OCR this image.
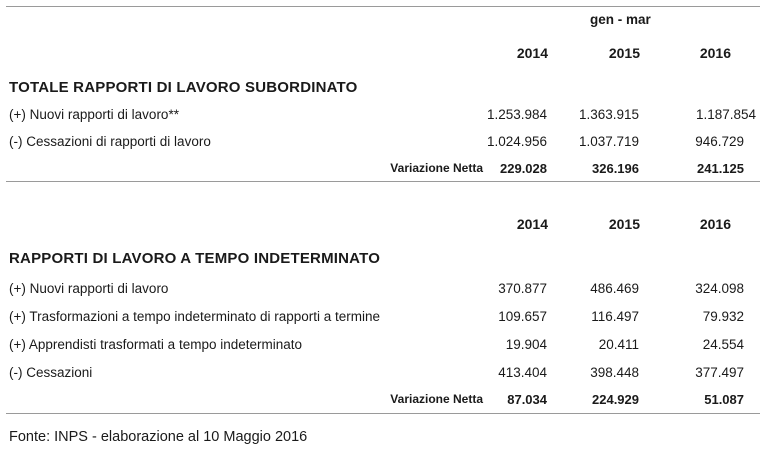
gen - mar
2014	2015	2016
TOTALE RAPPORTI DI LAVORO SUBORDINATO
(+) Nuovi rapporti di lavoro**	1.253.984	1.363.915	1.187.854
(-) Cessazioni di rapporti di lavoro	1.024.956	1.037.719	946.729
Variazione Netta	229.028	326.196	241.125
2014	2015	2016
RAPPORTI DI LAVORO A TEMPO INDETERMINATO
(+) Nuovi rapporti di lavoro	370.877	486.469	324.098
(+) Trasformazioni a tempo indeterminato di rapporti a termine	109.657	116.497	79.932
(+) Apprendisti trasformati a tempo indeterminato	19.904	20.411	24.554
(-) Cessazioni	413.404	398.448	377.497
Variazione Netta	87.034	224.929	51.087
Fonte: INPS - elaborazione al 10 Maggio 2016
